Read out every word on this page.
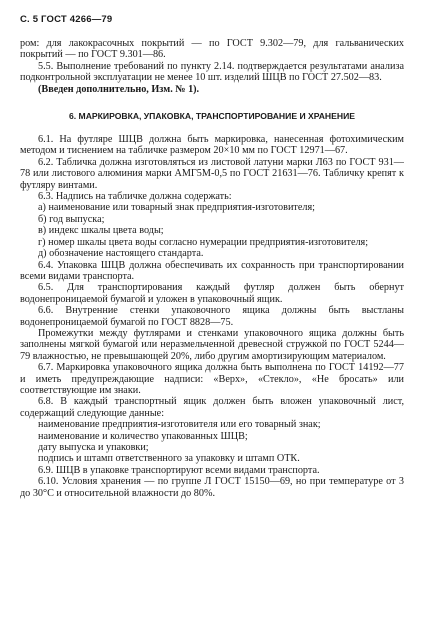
С. 5 ГОСТ 4266—79

ром: для лакокрасочных покрытий — по ГОСТ 9.302—79, для гальванических покрытий — по ГОСТ 9.301—86.

5.5. Выполнение требований по пункту 2.14. подтверждается результатами анализа подконтрольной эксплуатации не менее 10 шт. изделий ШЦВ по ГОСТ 27.502—83.

(Введен дополнительно, Изм. № 1).

6. МАРКИРОВКА, УПАКОВКА, ТРАНСПОРТИРОВАНИЕ И ХРАНЕНИЕ

6.1. На футляре ШЦВ должна быть маркировка, нанесенная фотохимическим методом и тиснением на табличке размером 20×10 мм по ГОСТ 12971—67.

6.2. Табличка должна изготовляться из листовой латуни марки Л63 по ГОСТ 931—78 или листового алюминия марки АМГ5М-0,5 по ГОСТ 21631—76. Табличку крепят к футляру винтами.

6.3. Надпись на табличке должна содержать:

а) наименование или товарный знак предприятия-изготовителя;

б) год выпуска;

в) индекс шкалы цвета воды;

г) номер шкалы цвета воды согласно нумерации предприятия-изготовителя;

д) обозначение настоящего стандарта.

6.4. Упаковка ШЦВ должна обеспечивать их сохранность при транспортировании всеми видами транспорта.

6.5. Для транспортирования каждый футляр должен быть обернут водонепроницаемой бумагой и уложен в упаковочный ящик.

6.6. Внутренние стенки упаковочного ящика должны быть выстланы водонепроницаемой бумагой по ГОСТ 8828—75.

Промежутки между футлярами и стенками упаковочного ящика должны быть заполнены мягкой бумагой или неразмельченной древесной стружкой по ГОСТ 5244—79 влажностью, не превышающей 20%, либо другим амортизирующим материалом.

6.7. Маркировка упаковочного ящика должна быть выполнена по ГОСТ 14192—77 и иметь предупреждающие надписи: «Верх», «Стекло», «Не бросать» или соответствующие им знаки.

6.8. В каждый транспортный ящик должен быть вложен упаковочный лист, содержащий следующие данные:

наименование предприятия-изготовителя или его товарный знак;

наименование и количество упакованных ШЦВ;

дату выпуска и упаковки;

подпись и штамп ответственного за упаковку и штамп ОТК.

6.9. ШЦВ в упаковке транспортируют всеми видами транспорта.

6.10. Условия хранения — по группе Л ГОСТ 15150—69, но при температуре от 3 до 30°С и относительной влажности до 80%.
